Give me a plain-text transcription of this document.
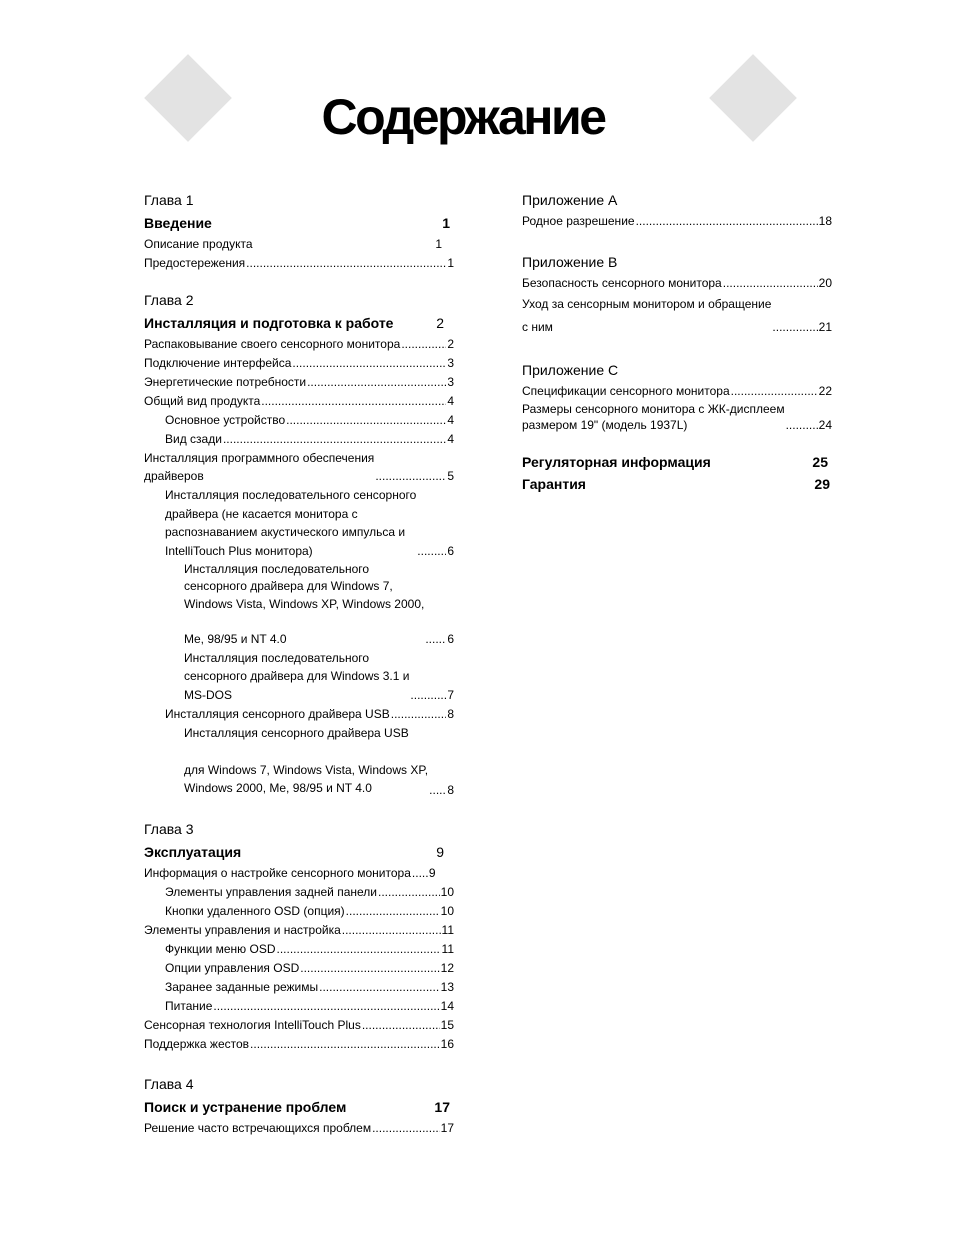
Содержание
Глава 1
Введение	1
Описание продукта	1
Предостережения .....	1
Глава 2
Инсталляция и подготовка к работе	2
Распаковывание своего сенсорного монитора .....	2
Подключение интерфейса .....	3
Энергетические потребности .....	3
Общий вид продукта .....	4
Основное устройство .....	4
Вид сзади .....	4
Инсталляция программного обеспечения
драйверов .....	5
Инсталляция последовательного сенсорного
драйвера (не касается монитора с
распознаванием акустического импульса и
IntelliTouch Plus монитора) .....	6
Инсталляция последовательного
сенсорного драйвера для Windows 7,
Windows Vista, Windows XP, Windows 2000,

Me, 98/95 и NT 4.0 .....	6
Инсталляция последовательного
сенсорного драйвера для Windows 3.1 и
MS-DOS .....	7
Инсталляция сенсорного драйвера USB .....	8
Инсталляция сенсорного драйвера USB

для Windows 7, Windows Vista, Windows XP,
Windows 2000, Me, 98/95 и NT 4.0 .....	8
Глава 3
Эксплуатация	9
Информация о настройке сенсорного монитора ..... 9
Элементы управления задней панели .....	10
Кнопки удаленного OSD (опция) .....	10
Элементы управления и настройка .....	11
Функции меню OSD .....	11
Опции управления OSD .....	12
Заранее заданные режимы .....	13
Питание .....	14
Сенсорная технология IntelliTouch Plus .....	15
Поддержка жестов .....	16
Глава 4
Поиск и устранение проблем	17
Решение часто встречающихся проблем .....	17
Приложение A
Родное разрешение .....	18
Приложение B
Безопасность сенсорного монитора .....	20
Уход за сенсорным монитором и обращение
с ним .....	21
Приложение C
Спецификации сенсорного монитора .....	22
Размеры сенсорного монитора с ЖК-дисплеем
размером 19" (модель 1937L) .....	24
Регуляторная информация	25
Гарантия	29
